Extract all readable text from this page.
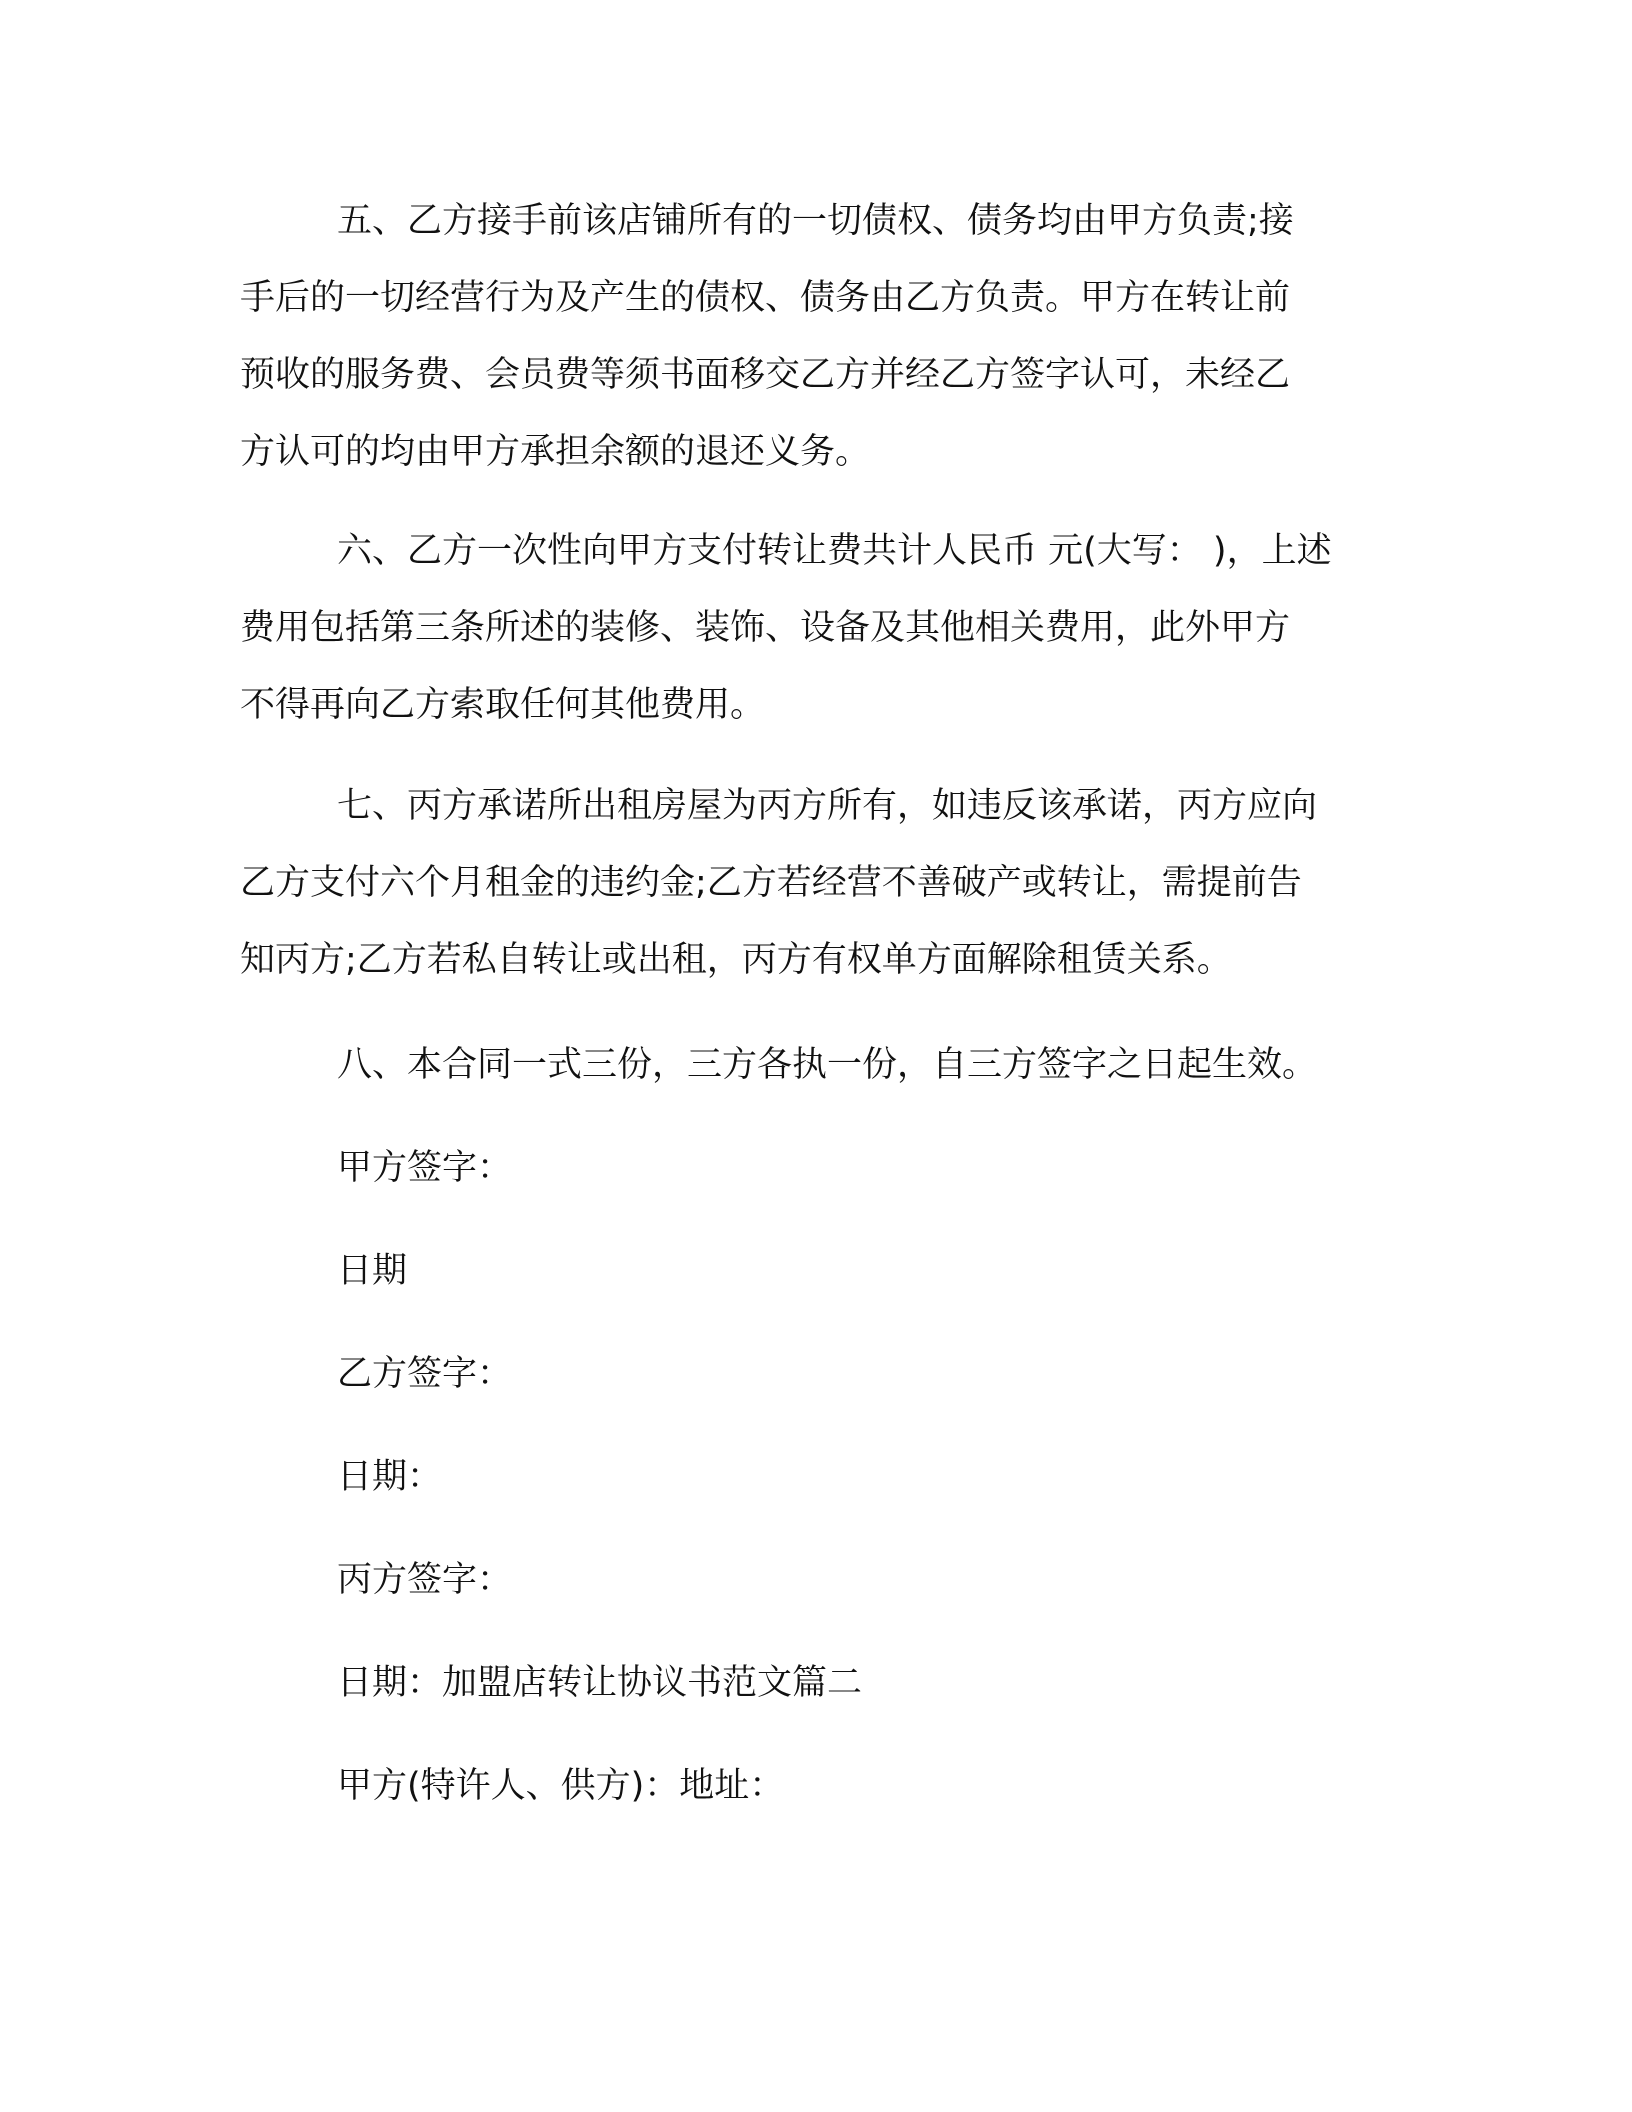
五、乙方接手前该店铺所有的一切债权、债务均由甲方负责;接
手后的一切经营行为及产生的债权、债务由乙方负责。甲方在转让前
预收的服务费、会员费等须书面移交乙方并经乙方签字认可，未经乙
方认可的均由甲方承担余额的退还义务。

六、乙方一次性向甲方支付转让费共计人民币 元(大写： )，上述
费用包括第三条所述的装修、装饰、设备及其他相关费用，此外甲方
不得再向乙方索取任何其他费用。

七、丙方承诺所出租房屋为丙方所有，如违反该承诺，丙方应向
乙方支付六个月租金的违约金;乙方若经营不善破产或转让，需提前告
知丙方;乙方若私自转让或出租，丙方有权单方面解除租赁关系。

八、本合同一式三份，三方各执一份，自三方签字之日起生效。

甲方签字：

日期

乙方签字：

日期：

丙方签字：

日期：加盟店转让协议书范文篇二

甲方(特许人、供方)：地址：
